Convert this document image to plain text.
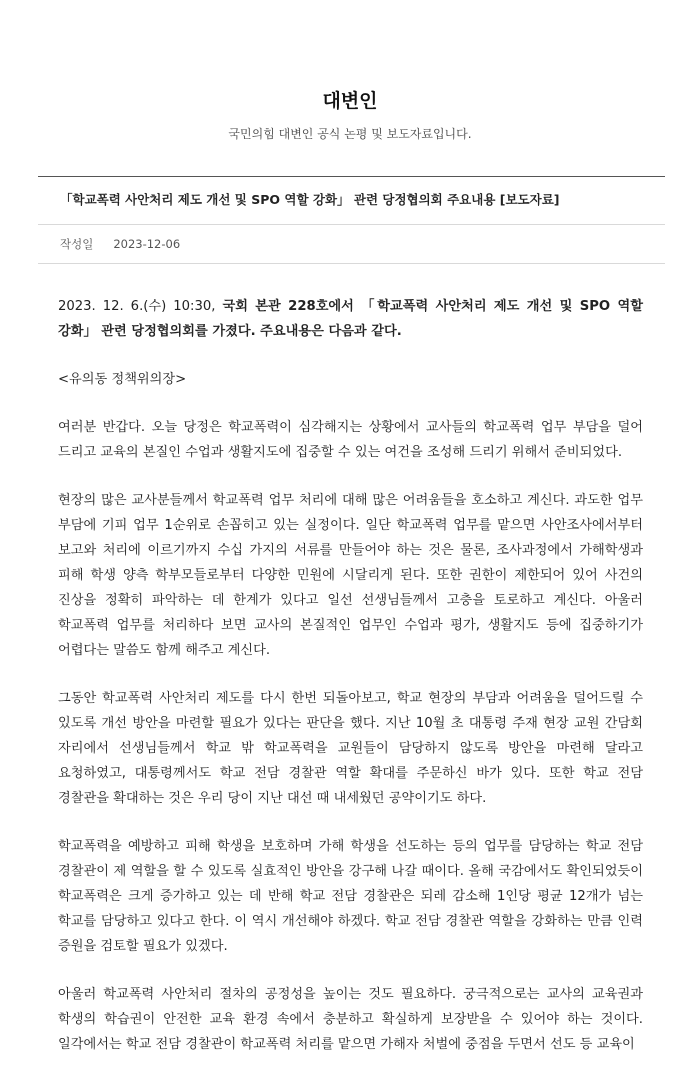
대변인
국민의힘 대변인 공식 논평 및 보도자료입니다.
「학교폭력 사안처리 제도 개선 및 SPO 역할 강화」 관련 당정협의회 주요내용 [보도자료]
작성일 2023-12-06

2023. 12. 6.(수) 10:30, 국회 본관 228호에서 「학교폭력 사안처리 제도 개선 및 SPO 역할 강화」 관련 당정협의회를 가졌다. 주요내용은 다음과 같다.

<유의동 정책위의장>

여러분 반갑다. 오늘 당정은 학교폭력이 심각해지는 상황에서 교사들의 학교폭력 업무 부담을 덜어 드리고 교육의 본질인 수업과 생활지도에 집중할 수 있는 여건을 조성해 드리기 위해서 준비되었다.

현장의 많은 교사분들께서 학교폭력 업무 처리에 대해 많은 어려움들을 호소하고 계신다. 과도한 업무 부담에 기피 업무 1순위로 손꼽히고 있는 실정이다. 일단 학교폭력 업무를 맡으면 사안조사에서부터 보고와 처리에 이르기까지 수십 가지의 서류를 만들어야 하는 것은 물론, 조사과정에서 가해학생과 피해 학생 양측 학부모들로부터 다양한 민원에 시달리게 된다. 또한 권한이 제한되어 있어 사건의 진상을 정확히 파악하는 데 한계가 있다고 일선 선생님들께서 고충을 토로하고 계신다. 아울러 학교폭력 업무를 처리하다 보면 교사의 본질적인 업무인 수업과 평가, 생활지도 등에 집중하기가 어렵다는 말씀도 함께 해주고 계신다.

그동안 학교폭력 사안처리 제도를 다시 한번 되돌아보고, 학교 현장의 부담과 어려움을 덜어드릴 수 있도록 개선 방안을 마련할 필요가 있다는 판단을 했다. 지난 10월 초 대통령 주재 현장 교원 간담회 자리에서 선생님들께서 학교 밖 학교폭력을 교원들이 담당하지 않도록 방안을 마련해 달라고 요청하였고, 대통령께서도 학교 전담 경찰관 역할 확대를 주문하신 바가 있다. 또한 학교 전담 경찰관을 확대하는 것은 우리 당이 지난 대선 때 내세웠던 공약이기도 하다.

학교폭력을 예방하고 피해 학생을 보호하며 가해 학생을 선도하는 등의 업무를 담당하는 학교 전담 경찰관이 제 역할을 할 수 있도록 실효적인 방안을 강구해 나갈 때이다. 올해 국감에서도 확인되었듯이 학교폭력은 크게 증가하고 있는 데 반해 학교 전담 경찰관은 되레 감소해 1인당 평균 12개가 넘는 학교를 담당하고 있다고 한다. 이 역시 개선해야 하겠다. 학교 전담 경찰관 역할을 강화하는 만큼 인력 증원을 검토할 필요가 있겠다.

아울러 학교폭력 사안처리 절차의 공정성을 높이는 것도 필요하다. 궁극적으로는 교사의 교육권과 학생의 학습권이 안전한 교육 환경 속에서 충분하고 확실하게 보장받을 수 있어야 하는 것이다. 일각에서는 학교 전담 경찰관이 학교폭력 처리를 맡으면 가해자 처벌에 중점을 두면서 선도 등 교육이
